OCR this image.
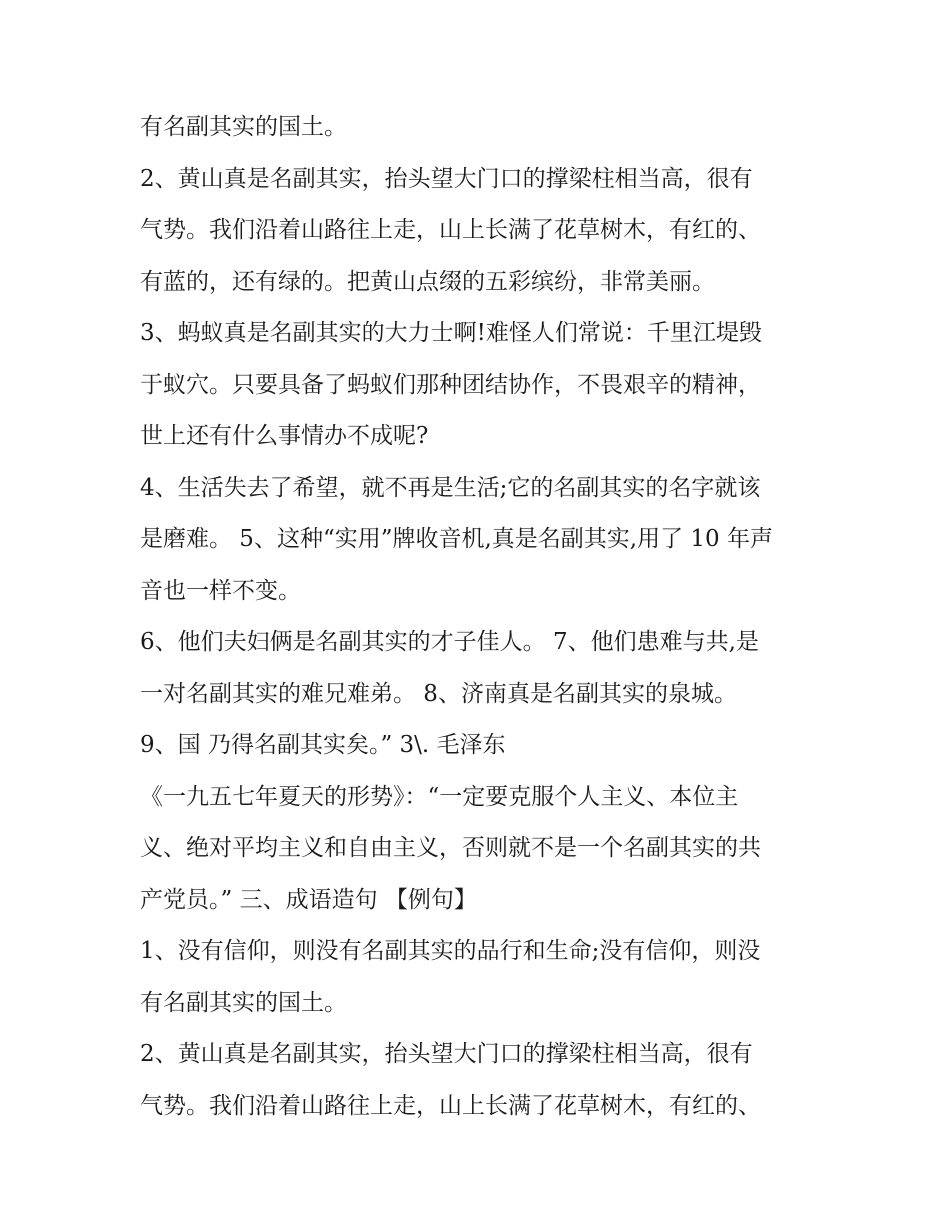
有名副其实的国土。
2、黄山真是名副其实，抬头望大门口的撑梁柱相当高，很有
气势。我们沿着山路往上走，山上长满了花草树木，有红的、
有蓝的，还有绿的。把黄山点缀的五彩缤纷，非常美丽。
3、蚂蚁真是名副其实的大力士啊!难怪人们常说：千里江堤毁
于蚁穴。只要具备了蚂蚁们那种团结协作，不畏艰辛的精神，
世上还有什么事情办不成呢?
4、生活失去了希望，就不再是生活;它的名副其实的名字就该
是磨难。 5、这种“实用”牌收音机,真是名副其实,用了 10 年声
音也一样不变。
6、他们夫妇俩是名副其实的才子佳人。 7、他们患难与共,是
一对名副其实的难兄难弟。 8、济南真是名副其实的泉城。
9、国 乃得名副其实矣。” 3\. 毛泽东
《一九五七年夏天的形势》：“一定要克服个人主义、本位主
义、绝对平均主义和自由主义，否则就不是一个名副其实的共
产党员。” 三、成语造句 【例句】
1、没有信仰，则没有名副其实的品行和生命;没有信仰，则没
有名副其实的国土。
2、黄山真是名副其实，抬头望大门口的撑梁柱相当高，很有
气势。我们沿着山路往上走，山上长满了花草树木，有红的、
